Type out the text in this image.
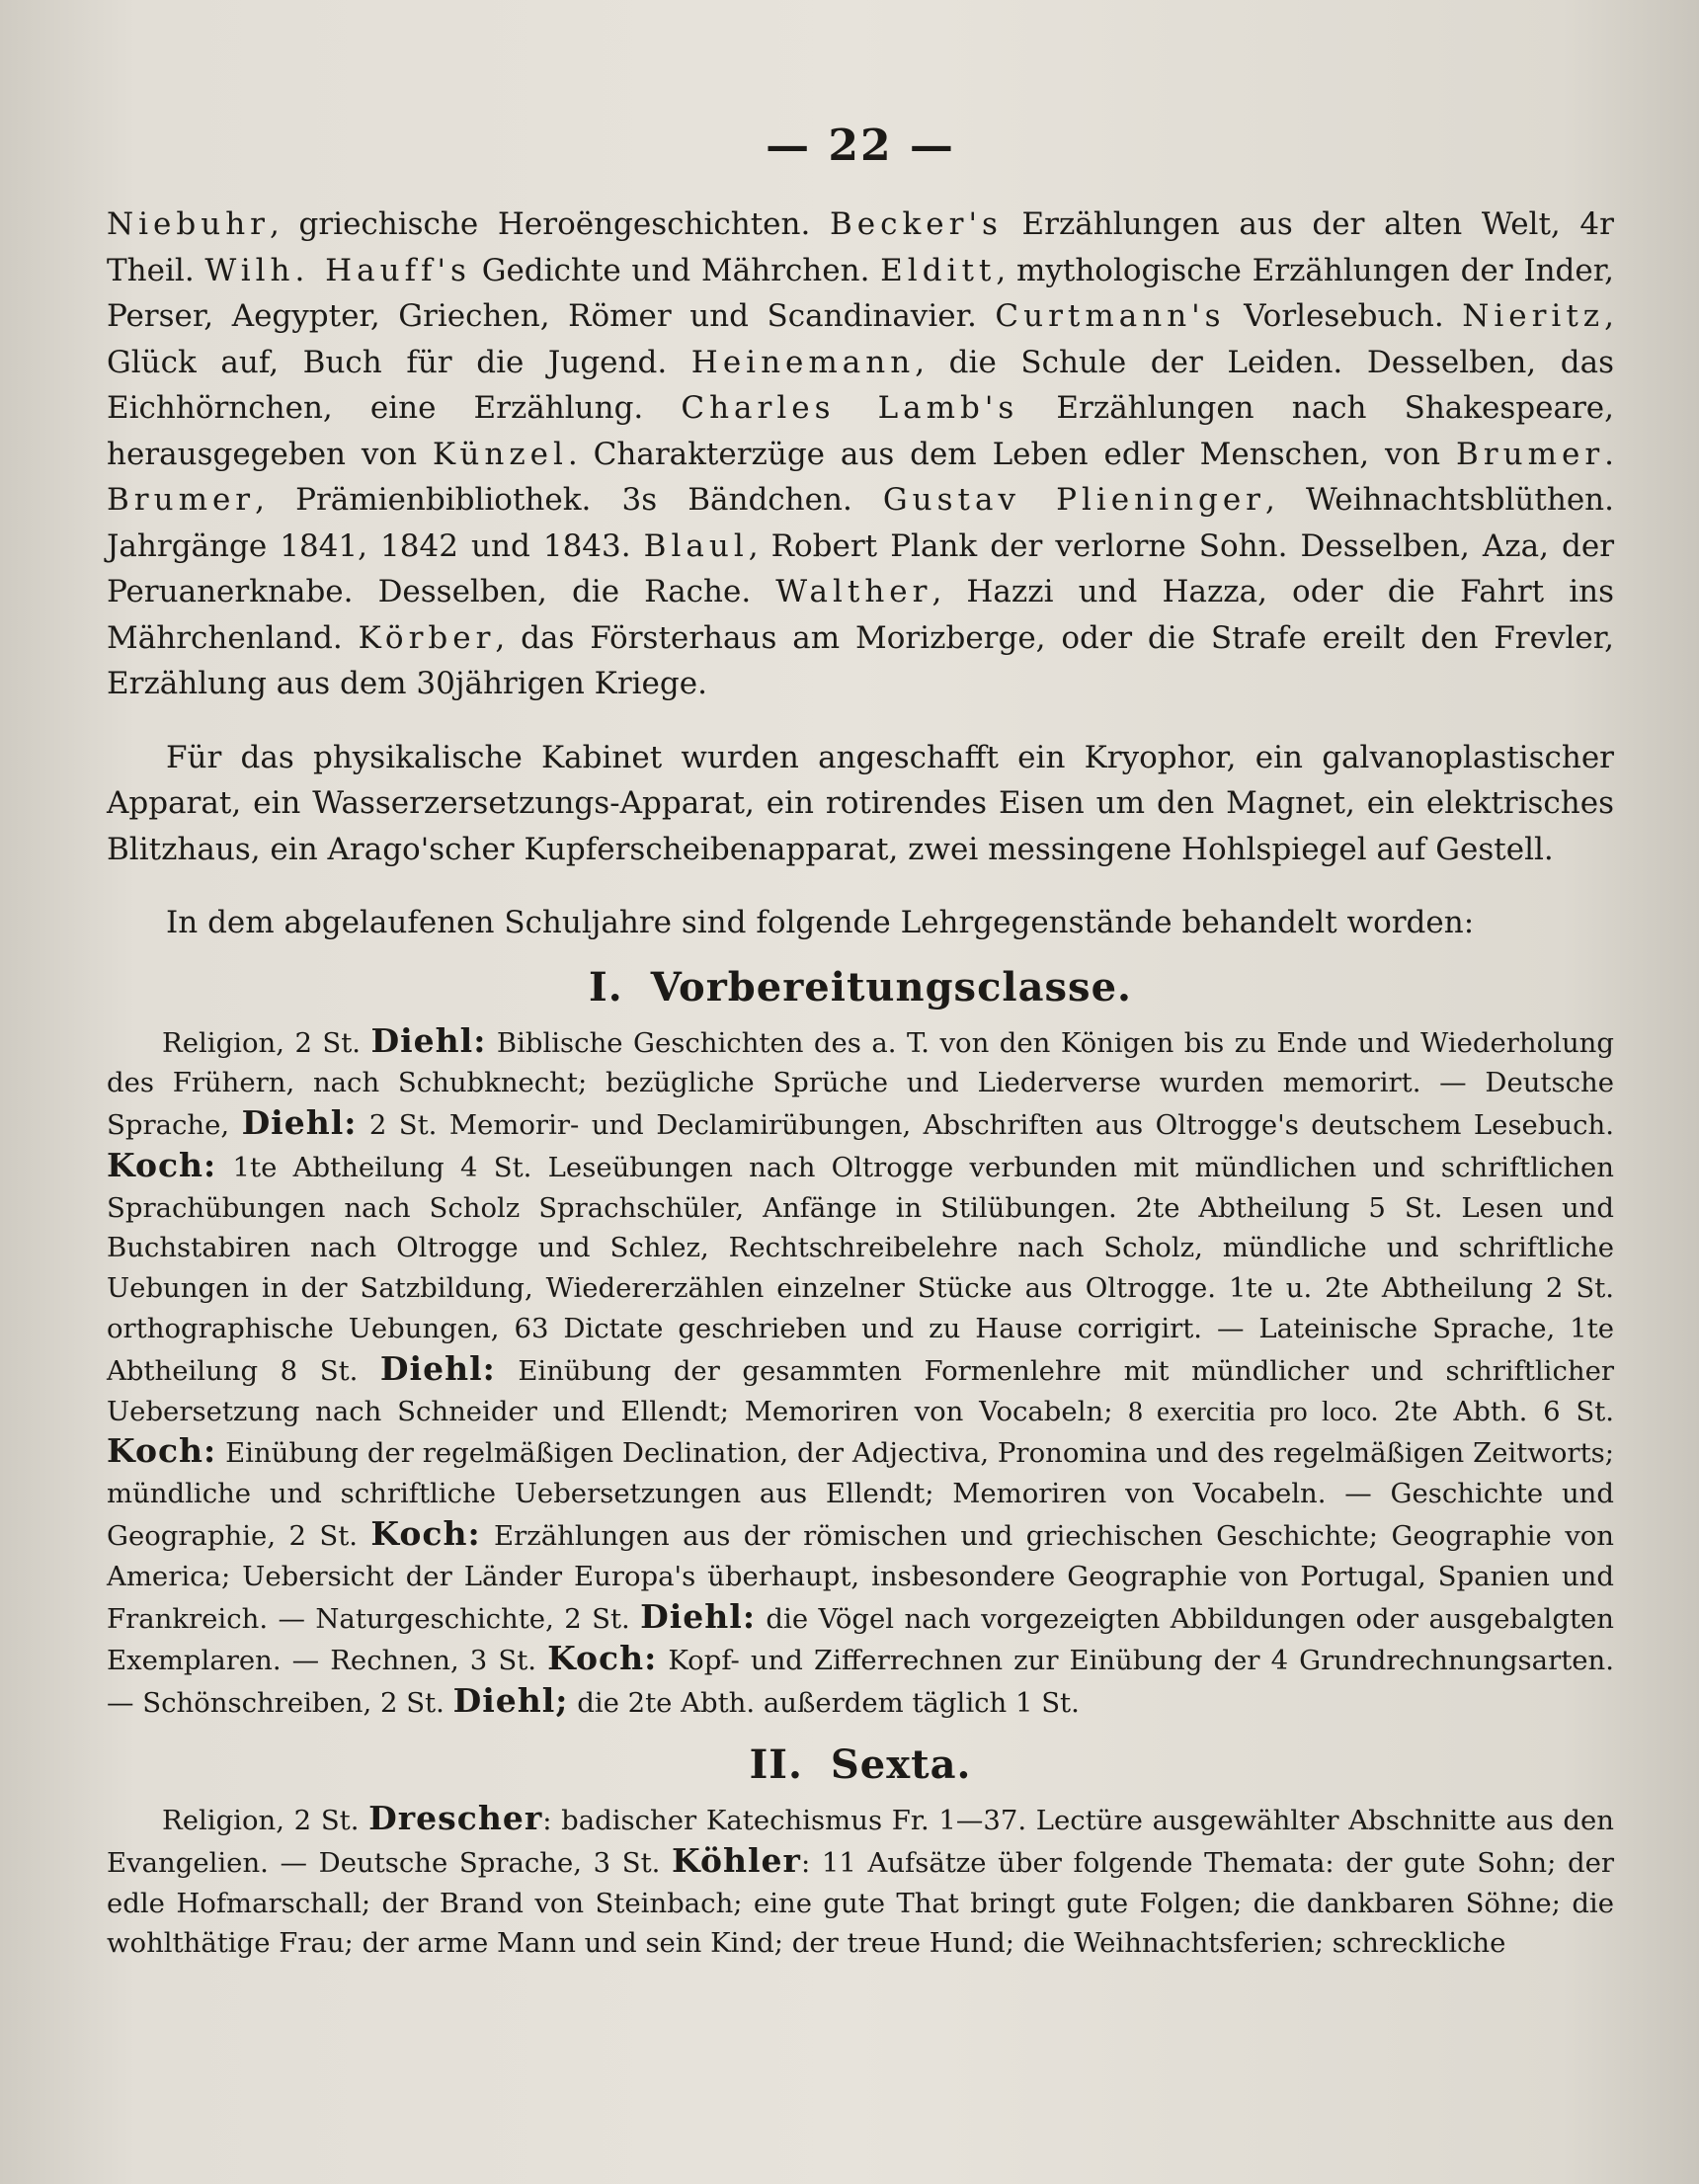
— 22 —

Niebuhr, griechische Heroëngeschichten. Becker's Erzählungen aus der alten Welt, 4r Theil. Wilh. Hauff's Gedichte und Mährchen. Elditt, mythologische Erzählungen der Inder, Perser, Aegypter, Griechen, Römer und Scandinavier. Curtmann's Vorlesebuch. Nieritz, Glück auf, Buch für die Jugend. Heinemann, die Schule der Leiden. Desselben, das Eichhörnchen, eine Erzählung. Charles Lamb's Erzählungen nach Shakespeare, herausgegeben von Künzel. Charakterzüge aus dem Leben edler Menschen, von Brumer. Brumer, Prämienbibliothek. 3s Bändchen. Gustav Plieninger, Weihnachtsblüthen. Jahrgänge 1841, 1842 und 1843. Blaul, Robert Plank der verlorne Sohn. Desselben, Aza, der Peruanerknabe. Desselben, die Rache. Walther, Hazzi und Hazza, oder die Fahrt ins Mährchenland. Körber, das Försterhaus am Morizberge, oder die Strafe ereilt den Frevler, Erzählung aus dem 30jährigen Kriege.

Für das physikalische Kabinet wurden angeschafft ein Kryophor, ein galvanoplastischer Apparat, ein Wasserzersetzungs-Apparat, ein rotirendes Eisen um den Magnet, ein elektrisches Blitzhaus, ein Arago'scher Kupferscheibenapparat, zwei messingene Hohlspiegel auf Gestell.

In dem abgelaufenen Schuljahre sind folgende Lehrgegenstände behandelt worden:

I. Vorbereitungsclasse.

Religion, 2 St. Diehl: Biblische Geschichten des a. T. von den Königen bis zu Ende und Wiederholung des Frühern, nach Schubknecht; bezügliche Sprüche und Liederverse wurden memorirt. — Deutsche Sprache, Diehl: 2 St. Memorir- und Declamirübungen, Abschriften aus Oltrogge's deutschem Lesebuch. Koch: 1te Abtheilung 4 St. Leseübungen nach Oltrogge verbunden mit mündlichen und schriftlichen Sprachübungen nach Scholz Sprachschüler, Anfänge in Stilübungen. 2te Abtheilung 5 St. Lesen und Buchstabiren nach Oltrogge und Schlez, Rechtschreibelehre nach Scholz, mündliche und schriftliche Uebungen in der Satzbildung, Wiedererzählen einzelner Stücke aus Oltrogge. 1te u. 2te Abtheilung 2 St. orthographische Uebungen, 63 Dictate geschrieben und zu Hause corrigirt. — Lateinische Sprache, 1te Abtheilung 8 St. Diehl: Einübung der gesammten Formenlehre mit mündlicher und schriftlicher Uebersetzung nach Schneider und Ellendt; Memoriren von Vocabeln; 8 exercitia pro loco. 2te Abth. 6 St. Koch: Einübung der regelmäßigen Declination, der Adjectiva, Pronomina und des regelmäßigen Zeitworts; mündliche und schriftliche Uebersetzungen aus Ellendt; Memoriren von Vocabeln. — Geschichte und Geographie, 2 St. Koch: Erzählungen aus der römischen und griechischen Geschichte; Geographie von America; Uebersicht der Länder Europa's überhaupt, insbesondere Geographie von Portugal, Spanien und Frankreich. — Naturgeschichte, 2 St. Diehl: die Vögel nach vorgezeigten Abbildungen oder ausgebalgten Exemplaren. — Rechnen, 3 St. Koch: Kopf- und Zifferrechnen zur Einübung der 4 Grundrechnungsarten. — Schönschreiben, 2 St. Diehl; die 2te Abth. außerdem täglich 1 St.

II. Sexta.

Religion, 2 St. Drescher: badischer Katechismus Fr. 1—37. Lectüre ausgewählter Abschnitte aus den Evangelien. — Deutsche Sprache, 3 St. Köhler: 11 Aufsätze über folgende Themata: der gute Sohn; der edle Hofmarschall; der Brand von Steinbach; eine gute That bringt gute Folgen; die dankbaren Söhne; die wohlthätige Frau; der arme Mann und sein Kind; der treue Hund; die Weihnachtsferien; schreckliche
